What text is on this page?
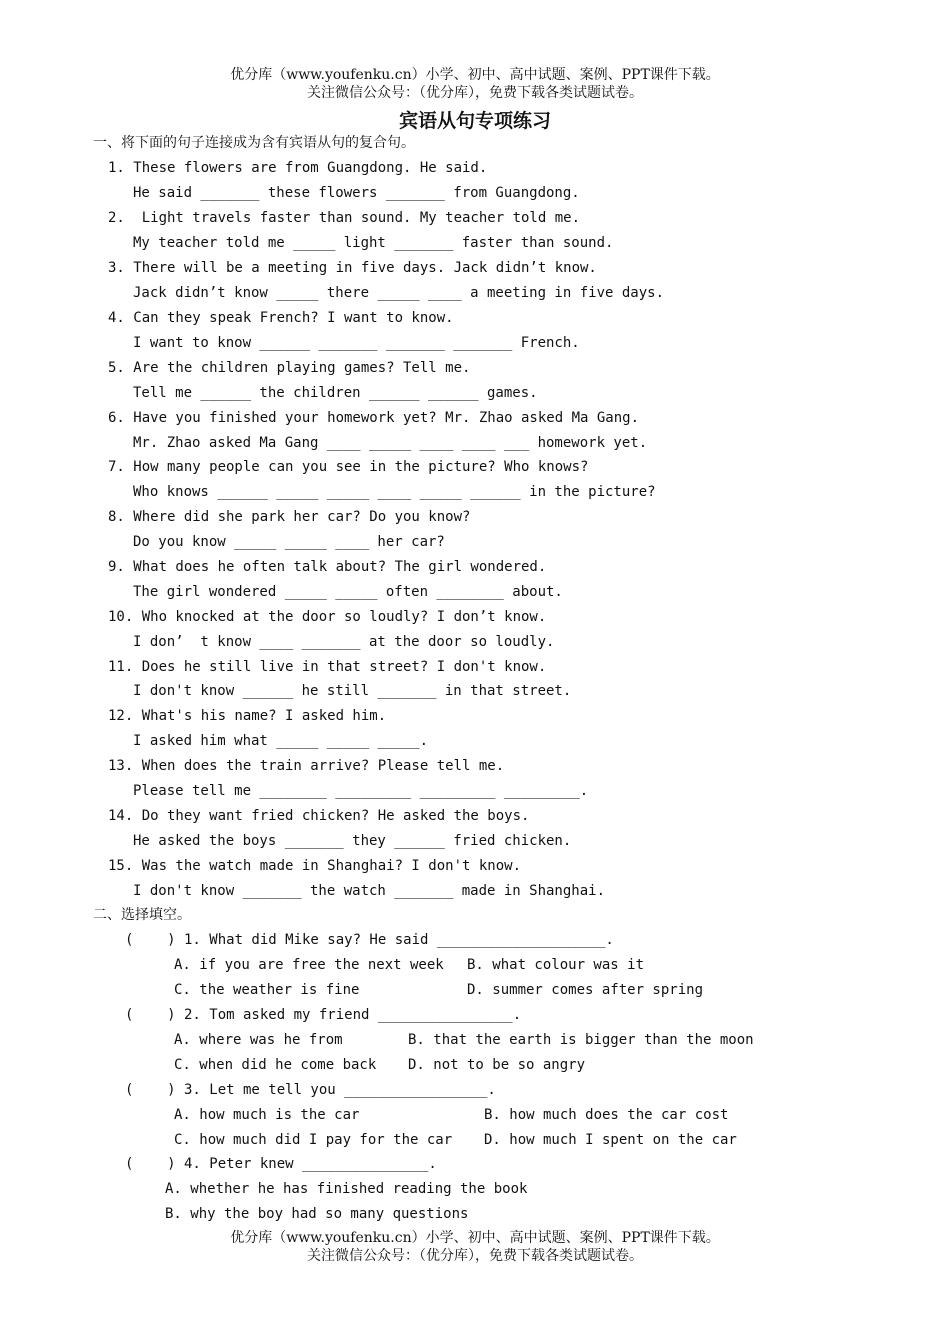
优分库（www.youfenku.cn）小学、初中、高中试题、案例、PPT课件下载。
关注微信公众号：（优分库），免费下载各类试题试卷。
宾语从句专项练习
一、将下面的句子连接成为含有宾语从句的复合句。
1. These flowers are from Guangdong. He said.
He said _______ these flowers _______ from Guangdong.
2.  Light travels faster than sound. My teacher told me.
My teacher told me _____ light _______ faster than sound.
3. There will be a meeting in five days. Jack didn’t know.
Jack didn’t know _____ there _____ ____ a meeting in five days.
4. Can they speak French? I want to know.
I want to know ______ _______ _______ _______ French.
5. Are the children playing games? Tell me.
Tell me ______ the children ______ ______ games.
6. Have you finished your homework yet? Mr. Zhao asked Ma Gang.
Mr. Zhao asked Ma Gang ____ _____ ____ ____ ___ homework yet.
7. How many people can you see in the picture? Who knows?
Who knows ______ _____ _____ ____ _____ ______ in the picture?
8. Where did she park her car? Do you know?
Do you know _____ _____ ____ her car?
9. What does he often talk about? The girl wondered.
The girl wondered _____ _____ often ________ about.
10. Who knocked at the door so loudly? I don’t know.
I don’  t know ____ _______ at the door so loudly.
11. Does he still live in that street? I don't know.
I don't know ______ he still _______ in that street.
12. What's his name? I asked him.
I asked him what _____ _____ _____.
13. When does the train arrive? Please tell me.
Please tell me ________ _________ _________ _________.
14. Do they want fried chicken? He asked the boys.
He asked the boys _______ they ______ fried chicken.
15. Was the watch made in Shanghai? I don't know.
I don't know _______ the watch _______ made in Shanghai.
二、选择填空。
(    ) 1. What did Mike say? He said ____________________.
A. if you are free the next week B. what colour was it
C. the weather is fine	D. summer comes after spring
(    ) 2. Tom asked my friend ________________.
A. where was he from	B. that the earth is bigger than the moon
C. when did he come back D. not to be so angry
(    ) 3. Let me tell you _________________.
A. how much is the car	B. how much does the car cost
C. how much did I pay for the car D. how much I spent on the car
(    ) 4. Peter knew _______________.
A. whether he has finished reading the book
B. why the boy had so many questions
优分库（www.youfenku.cn）小学、初中、高中试题、案例、PPT课件下载。
关注微信公众号：（优分库），免费下载各类试题试卷。
